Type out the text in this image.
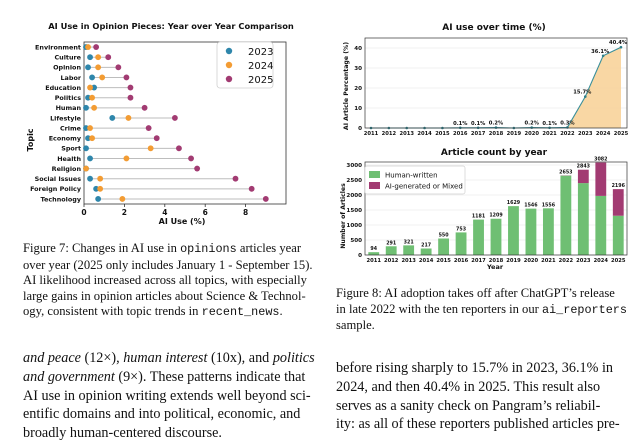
AI Use in Opinion Pieces: Year over Year Comparison
Topic
AI Use (%)
Environment
Culture
Opinion
Labor
Education
Politics
Human
Lifestyle
Crime
Economy
Sport
Health
Religion
Social Issues
Foreign Policy
Technology
0	2	4	6	8
2023
2024
2025
Figure 7: Changes in AI use in opinions articles year
over year (2025 only includes January 1 - September 15).
AI likelihood increased across all topics, with especially
large gains in opinion articles about Science & Technol-
ogy, consistent with topic trends in recent_news.
AI use over time (%)
AI Article Percentage (%) 0
10
20
30
40
2011 2012 2013 2014 2015
0.1%
2016
0.1%
2017
0.2%
2018 2019
0.2%
2020
0.1%
2021
0.3%
2022
15.7%
2023
36.1%
2024
40.4%
2025
Article count by year
Number of Articles
Year
0
500
1000
1500
2000
2500
3000
94
2011
291
2012
321
2013
217
2014
550
2015
753
2016
1181
2017
1209
2018
1629
2019
1546
2020
1556
2021
2653
2022
2843
2023
3082
2024
2196
2025
Human-written
AI-generated or Mixed
Figure 8: AI adoption takes off after ChatGPT’s release
in late 2022 with the ten reporters in our ai_reporters
sample.
and peace (12×), human interest (10x), and politics
and government (9×). These patterns indicate that
AI use in opinion writing extends well beyond sci-
entific domains and into political, economic, and
broadly human-centered discourse.
before rising sharply to 15.7% in 2023, 36.1% in
2024, and then 40.4% in 2025. This result also
serves as a sanity check on Pangram’s reliabil-
ity: as all of these reporters published articles pre-
